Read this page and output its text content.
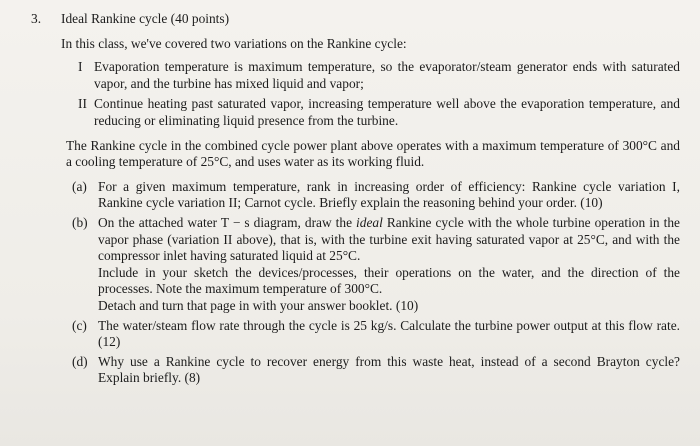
3.	Ideal Rankine cycle (40 points)
In this class, we've covered two variations on the Rankine cycle:
I Evaporation temperature is maximum temperature, so the evaporator/steam generator ends with saturated vapor, and the turbine has mixed liquid and vapor;
II Continue heating past saturated vapor, increasing temperature well above the evaporation temperature, and reducing or eliminating liquid presence from the turbine.
The Rankine cycle in the combined cycle power plant above operates with a maximum temperature of 300°C and a cooling temperature of 25°C, and uses water as its working fluid.
(a) For a given maximum temperature, rank in increasing order of efficiency: Rankine cycle variation I, Rankine cycle variation II; Carnot cycle. Briefly explain the reasoning behind your order. (10)
(b) On the attached water T − s diagram, draw the ideal Rankine cycle with the whole turbine operation in the vapor phase (variation II above), that is, with the turbine exit having saturated vapor at 25°C, and with the compressor inlet having saturated liquid at 25°C.
Include in your sketch the devices/processes, their operations on the water, and the direction of the processes. Note the maximum temperature of 300°C.
Detach and turn that page in with your answer booklet. (10)
(c) The water/steam flow rate through the cycle is 25 kg/s. Calculate the turbine power output at this flow rate. (12)
(d) Why use a Rankine cycle to recover energy from this waste heat, instead of a second Brayton cycle? Explain briefly. (8)
